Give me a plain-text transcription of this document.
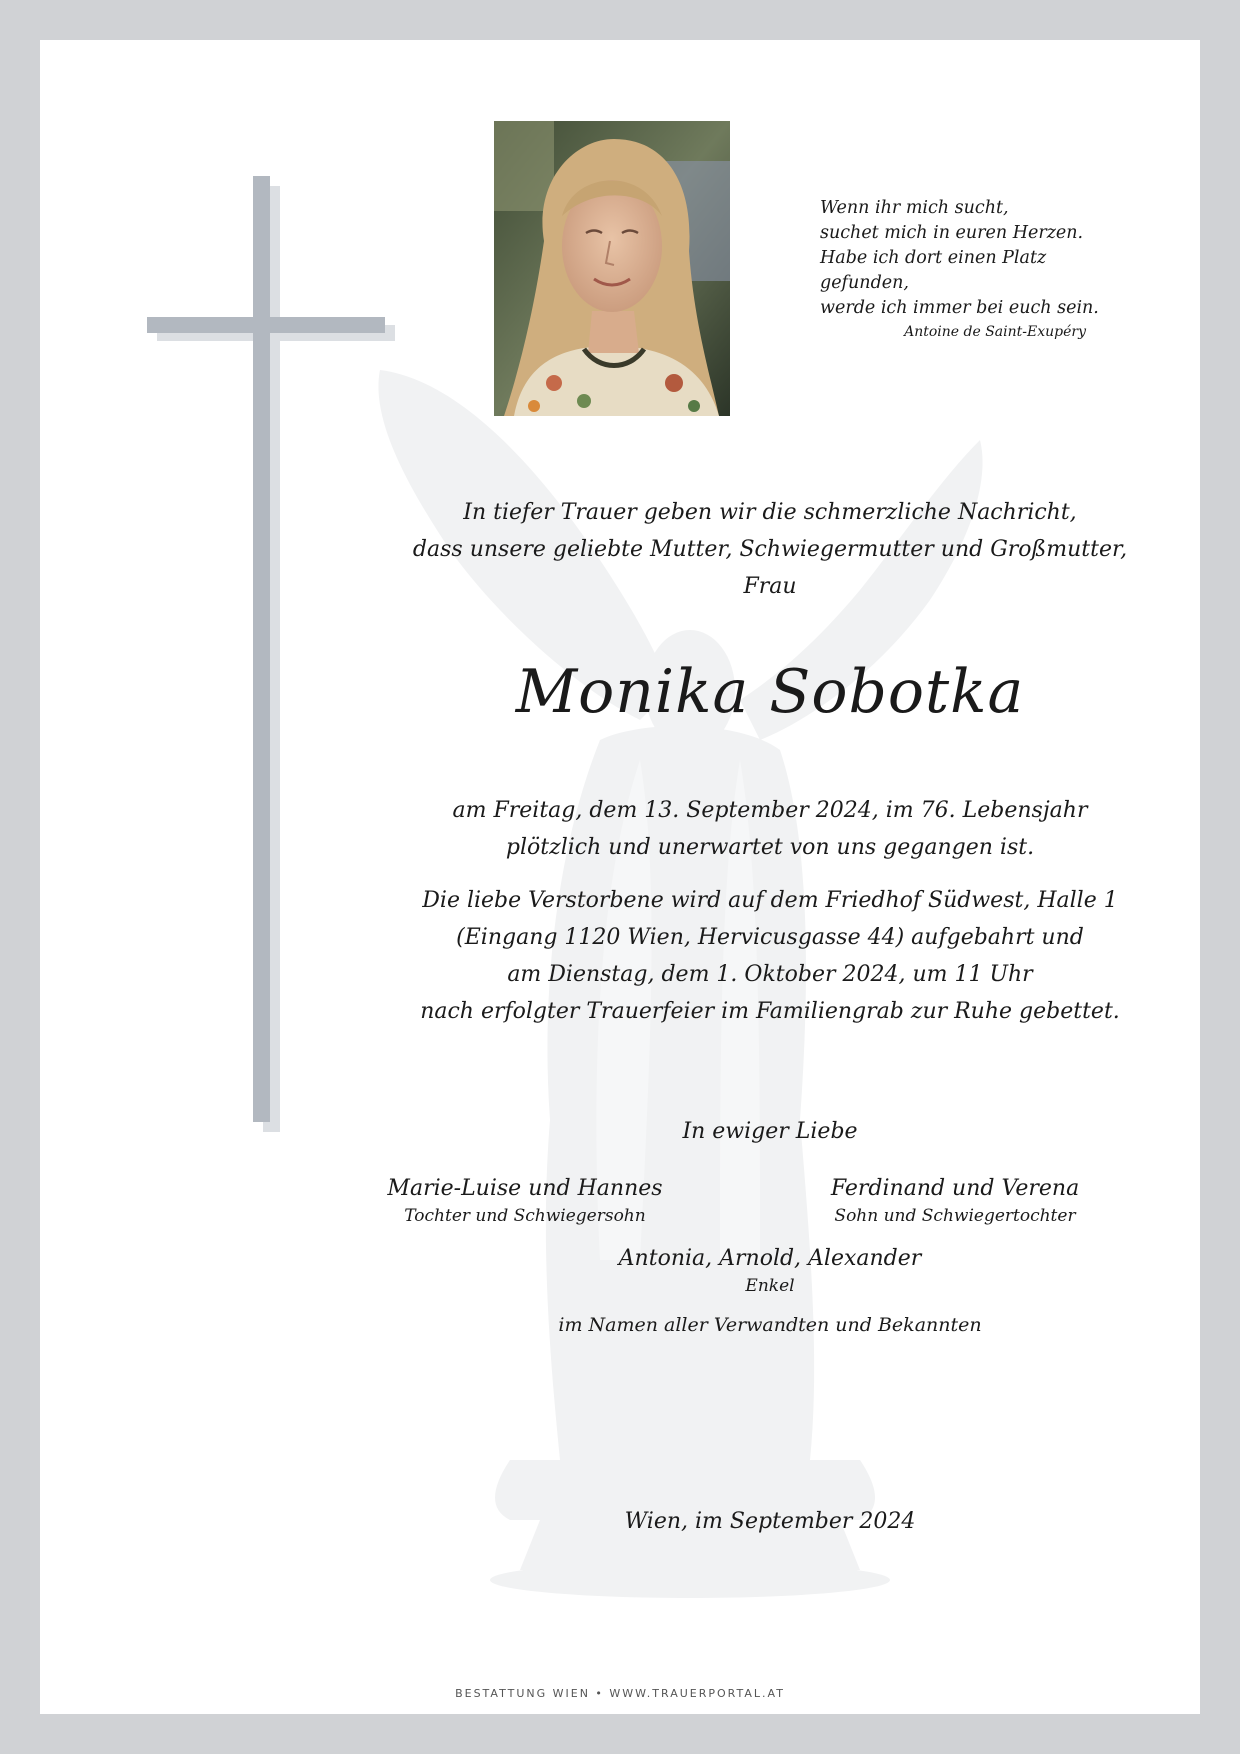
Wenn ihr mich sucht,
suchet mich in euren Herzen.
Habe ich dort einen Platz gefunden,
werde ich immer bei euch sein.
Antoine de Saint-Exupéry
In tiefer Trauer geben wir die schmerzliche Nachricht,
dass unsere geliebte Mutter, Schwiegermutter und Großmutter,
Frau
Monika Sobotka
am Freitag, dem 13. September 2024, im 76. Lebensjahr
plötzlich und unerwartet von uns gegangen ist.
Die liebe Verstorbene wird auf dem Friedhof Südwest, Halle 1
(Eingang 1120 Wien, Hervicusgasse 44) aufgebahrt und
am Dienstag, dem 1. Oktober 2024, um 11 Uhr
nach erfolgter Trauerfeier im Familiengrab zur Ruhe gebettet.
In ewiger Liebe
Marie-Luise und Hannes
Tochter und Schwiegersohn
Ferdinand und Verena
Sohn und Schwiegertochter
Antonia, Arnold, Alexander
Enkel
im Namen aller Verwandten und Bekannten
Wien, im September 2024
BESTATTUNG WIEN • WWW.TRAUERPORTAL.AT
